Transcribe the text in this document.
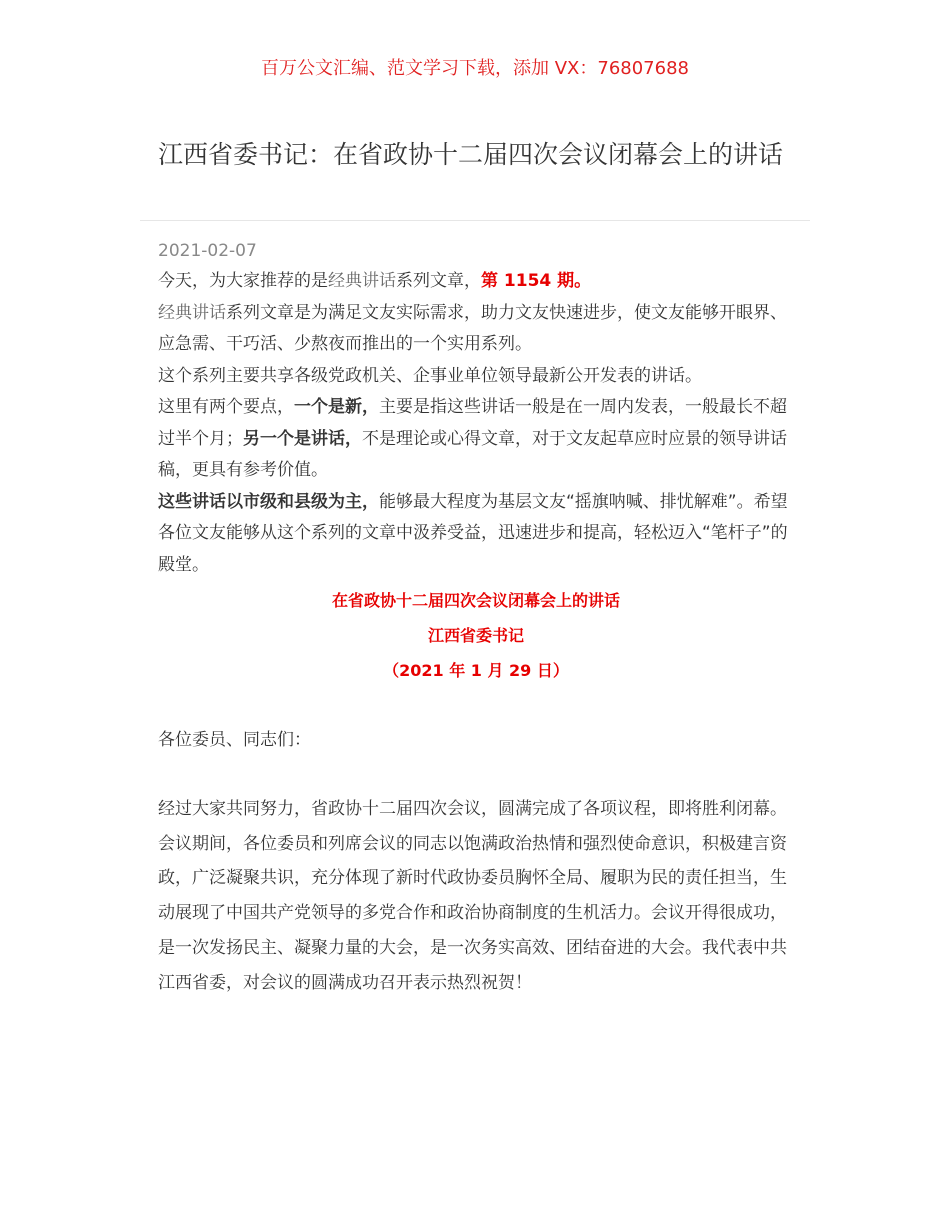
百万公文汇编、范文学习下载，添加 VX：76807688
江西省委书记：在省政协十二届四次会议闭幕会上的讲话
2021-02-07

今天，为大家推荐的是经典讲话系列文章，第 1154 期。

经典讲话系列文章是为满足文友实际需求，助力文友快速进步，使文友能够开眼界、应急需、干巧活、少熬夜而推出的一个实用系列。

这个系列主要共享各级党政机关、企事业单位领导最新公开发表的讲话。

这里有两个要点，一个是新，主要是指这些讲话一般是在一周内发表，一般最长不超过半个月；另一个是讲话，不是理论或心得文章，对于文友起草应时应景的领导讲话稿，更具有参考价值。

这些讲话以市级和县级为主，能够最大程度为基层文友“摇旗呐喊、排忧解难”。希望各位文友能够从这个系列的文章中汲养受益，迅速进步和提高，轻松迈入“笔杆子”的殿堂。

在省政协十二届四次会议闭幕会上的讲话

江西省委书记

（2021 年 1 月 29 日）

各位委员、同志们：

经过大家共同努力，省政协十二届四次会议，圆满完成了各项议程，即将胜利闭幕。会议期间，各位委员和列席会议的同志以饱满政治热情和强烈使命意识，积极建言资政，广泛凝聚共识，充分体现了新时代政协委员胸怀全局、履职为民的责任担当，生动展现了中国共产党领导的多党合作和政治协商制度的生机活力。会议开得很成功，是一次发扬民主、凝聚力量的大会，是一次务实高效、团结奋进的大会。我代表中共江西省委，对会议的圆满成功召开表示热烈祝贺！
